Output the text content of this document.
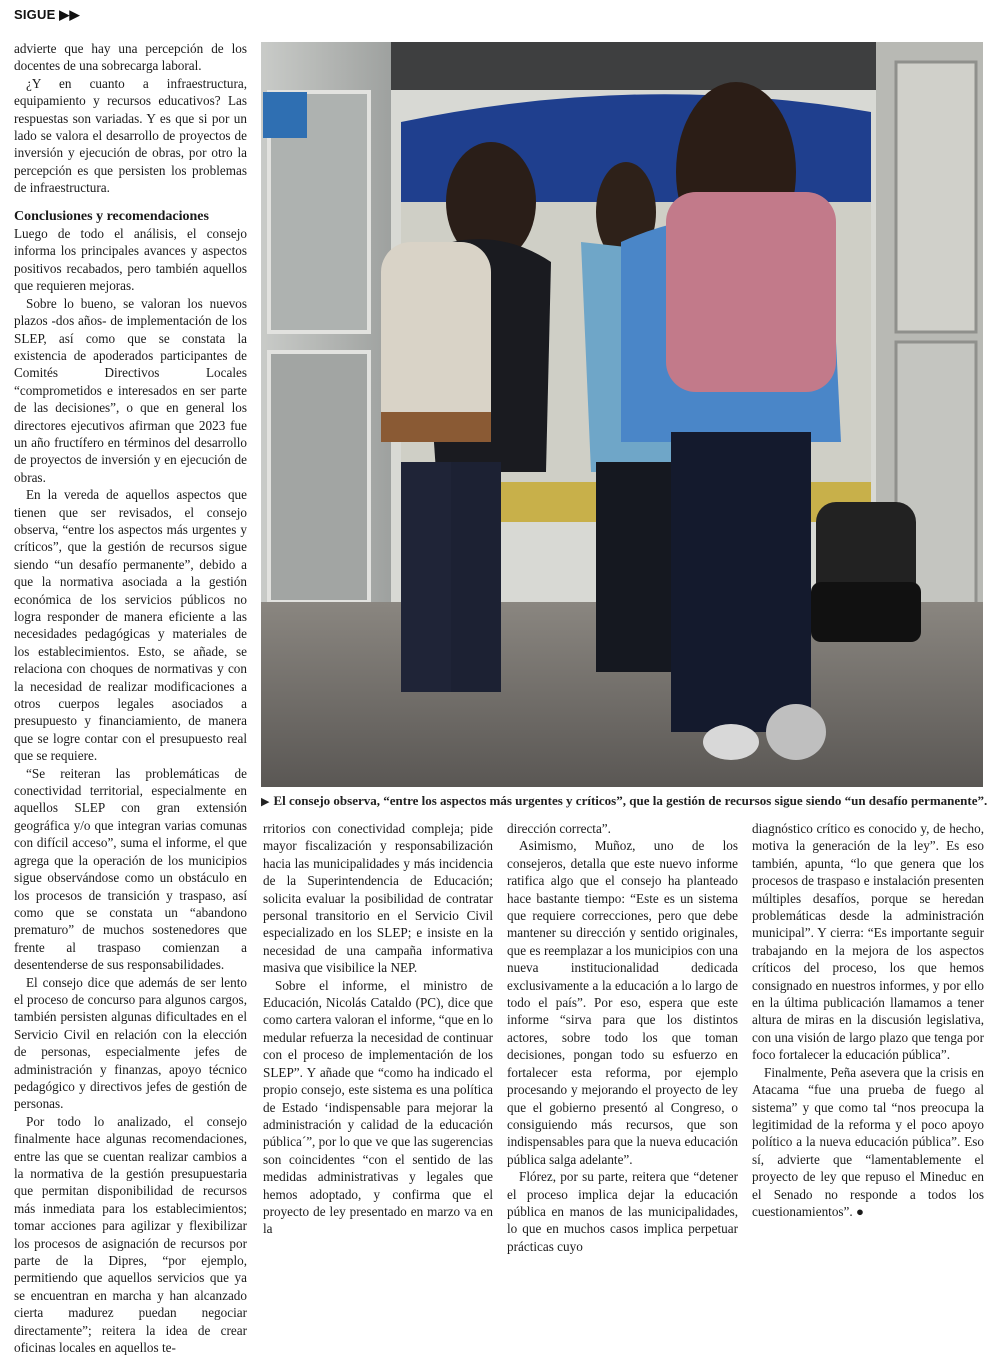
SIGUE ▶▶

advierte que hay una percepción de los docentes de una sobrecarga laboral.

¿Y en cuanto a infraestructura, equipamiento y recursos educativos? Las respuestas son variadas. Y es que si por un lado se valora el desarrollo de proyectos de inversión y ejecución de obras, por otro la percepción es que persisten los problemas de infraestructura.

Conclusiones y recomendaciones

Luego de todo el análisis, el consejo informa los principales avances y aspectos positivos recabados, pero también aquellos que requieren mejoras.

Sobre lo bueno, se valoran los nuevos plazos -dos años- de implementación de los SLEP, así como que se constata la existencia de apoderados participantes de Comités Directivos Locales “comprometidos e interesados en ser parte de las decisiones”, o que en general los directores ejecutivos afirman que 2023 fue un año fructífero en términos del desarrollo de proyectos de inversión y en ejecución de obras.

En la vereda de aquellos aspectos que tienen que ser revisados, el consejo observa, “entre los aspectos más urgentes y críticos”, que la gestión de recursos sigue siendo “un desafío permanente”, debido a que la normativa asociada a la gestión económica de los servicios públicos no logra responder de manera eficiente a las necesidades pedagógicas y materiales de los establecimientos. Esto, se añade, se relaciona con choques de normativas y con la necesidad de realizar modificaciones a otros cuerpos legales asociados a presupuesto y financiamiento, de manera que se logre contar con el presupuesto real que se requiere.

“Se reiteran las problemáticas de conectividad territorial, especialmente en aquellos SLEP con gran extensión geográfica y/o que integran varias comunas con difícil acceso”, suma el informe, el que agrega que la operación de los municipios sigue observándose como un obstáculo en los procesos de transición y traspaso, así como que se constata un “abandono prematuro” de muchos sostenedores que frente al traspaso comienzan a desentenderse de sus responsabilidades.

El consejo dice que además de ser lento el proceso de concurso para algunos cargos, también persisten algunas dificultades en el Servicio Civil en relación con la elección de personas, especialmente jefes de administración y finanzas, apoyo técnico pedagógico y directivos jefes de gestión de personas.

Por todo lo analizado, el consejo finalmente hace algunas recomendaciones, entre las que se cuentan realizar cambios a la normativa de la gestión presupuestaria que permitan disponibilidad de recursos más inmediata para los establecimientos; tomar acciones para agilizar y flexibilizar los procesos de asignación de recursos por parte de la Dipres, “por ejemplo, permitiendo que aquellos servicios que ya se encuentran en marcha y han alcanzado cierta madurez puedan negociar directamente”; reitera la idea de crear oficinas locales en aquellos te-

▶ El consejo observa, “entre los aspectos más urgentes y críticos”, que la gestión de recursos sigue siendo “un desafío permanente”.

rritorios con conectividad compleja; pide mayor fiscalización y responsabilización hacia las municipalidades y más incidencia de la Superintendencia de Educación; solicita evaluar la posibilidad de contratar personal transitorio en el Servicio Civil especializado en los SLEP; e insiste en la necesidad de una campaña informativa masiva que visibilice la NEP.

Sobre el informe, el ministro de Educación, Nicolás Cataldo (PC), dice que como cartera valoran el informe, “que en lo medular refuerza la necesidad de continuar con el proceso de implementación de los SLEP”. Y añade que “como ha indicado el propio consejo, este sistema es una política de Estado ‘indispensable para mejorar la administración y calidad de la educación pública´”, por lo que ve que las sugerencias son coincidentes “con el sentido de las medidas administrativas y legales que hemos adoptado, y confirma que el proyecto de ley presentado en marzo va en la

dirección correcta”.

Asimismo, Muñoz, uno de los consejeros, detalla que este nuevo informe ratifica algo que el consejo ha planteado hace bastante tiempo: “Este es un sistema que requiere correcciones, pero que debe mantener su dirección y sentido originales, que es reemplazar a los municipios con una nueva institucionalidad dedicada exclusivamente a la educación a lo largo de todo el país”. Por eso, espera que este informe “sirva para que los distintos actores, sobre todo los que toman decisiones, pongan todo su esfuerzo en fortalecer esta reforma, por ejemplo procesando y mejorando el proyecto de ley que el gobierno presentó al Congreso, o consiguiendo más recursos, que son indispensables para que la nueva educación pública salga adelante”.

Flórez, por su parte, reitera que “detener el proceso implica dejar la educación pública en manos de las municipalidades, lo que en muchos casos implica perpetuar prácticas cuyo

diagnóstico crítico es conocido y, de hecho, motiva la generación de la ley”. Es eso también, apunta, “lo que genera que los procesos de traspaso e instalación presenten múltiples desafíos, porque se heredan problemáticas desde la administración municipal”. Y cierra: “Es importante seguir trabajando en la mejora de los aspectos críticos del proceso, los que hemos consignado en nuestros informes, y por ello en la última publicación llamamos a tener altura de miras en la discusión legislativa, con una visión de largo plazo que tenga por foco fortalecer la educación pública”.

Finalmente, Peña asevera que la crisis en Atacama “fue una prueba de fuego al sistema” y que como tal “nos preocupa la legitimidad de la reforma y el poco apoyo político a la nueva educación pública”. Eso sí, advierte que “lamentablemente el proyecto de ley que repuso el Mineduc en el Senado no responde a todos los cuestionamientos”. ●
